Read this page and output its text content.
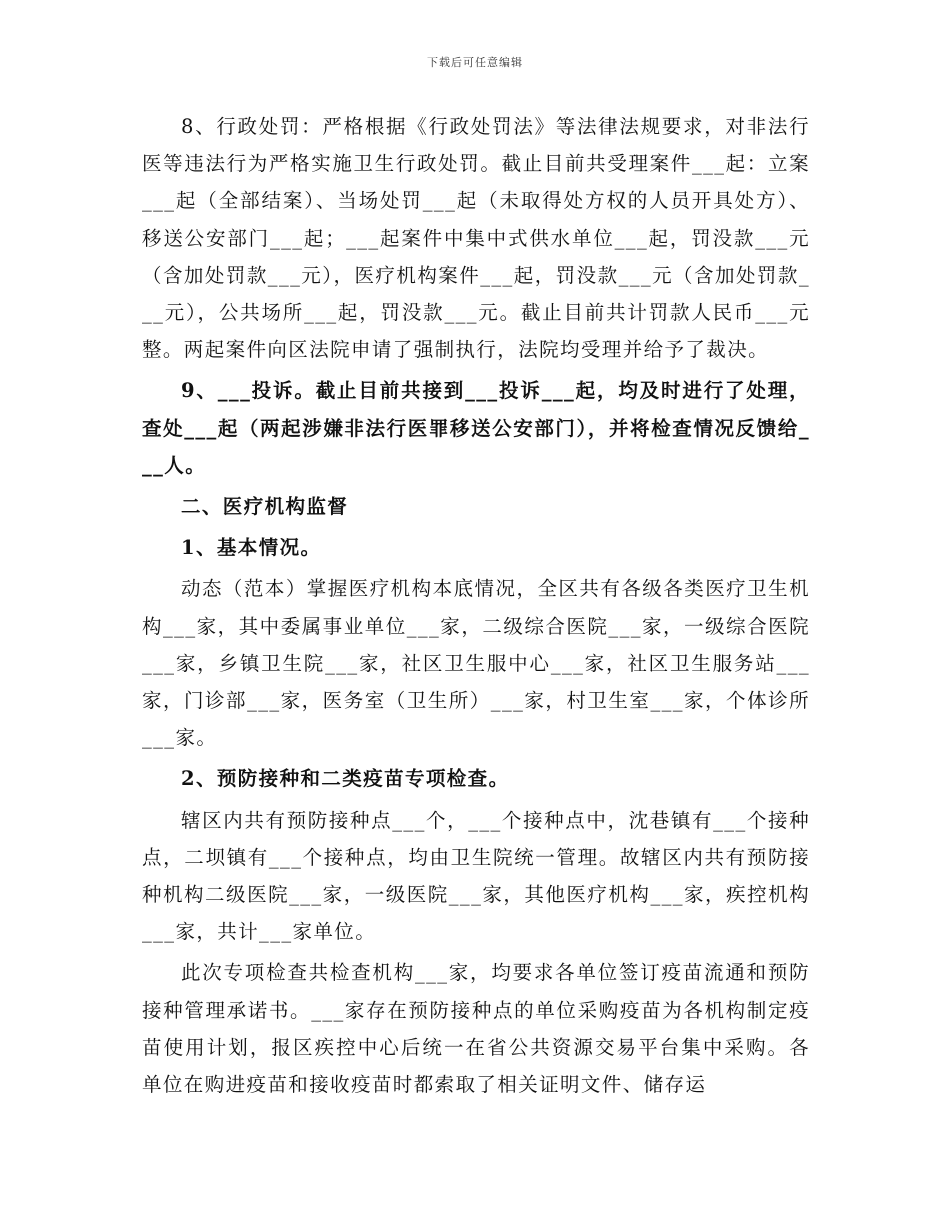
下载后可任意编辑

8、行政处罚：严格根据《行政处罚法》等法律法规要求，对非法行医等违法行为严格实施卫生行政处罚。截止目前共受理案件___起：立案___起（全部结案）、当场处罚___起（未取得处方权的人员开具处方）、移送公安部门___起；___起案件中集中式供水单位___起，罚没款___元（含加处罚款___元），医疗机构案件___起，罚没款___元（含加处罚款___元），公共场所___起，罚没款___元。截止目前共计罚款人民币___元整。两起案件向区法院申请了强制执行，法院均受理并给予了裁决。

9、___投诉。截止目前共接到___投诉___起，均及时进行了处理，查处___起（两起涉嫌非法行医罪移送公安部门），并将检查情况反馈给___人。

二、医疗机构监督

1、基本情况。

动态（范本）掌握医疗机构本底情况，全区共有各级各类医疗卫生机构___家，其中委属事业单位___家，二级综合医院___家，一级综合医院___家，乡镇卫生院___家，社区卫生服中心___家，社区卫生服务站___家，门诊部___家，医务室（卫生所）___家，村卫生室___家，个体诊所___家。

2、预防接种和二类疫苗专项检查。

辖区内共有预防接种点___个，___个接种点中，沈巷镇有___个接种点，二坝镇有___个接种点，均由卫生院统一管理。故辖区内共有预防接种机构二级医院___家，一级医院___家，其他医疗机构___家，疾控机构___家，共计___家单位。

此次专项检查共检查机构___家，均要求各单位签订疫苗流通和预防接种管理承诺书。___家存在预防接种点的单位采购疫苗为各机构制定疫苗使用计划，报区疾控中心后统一在省公共资源交易平台集中采购。各单位在购进疫苗和接收疫苗时都索取了相关证明文件、储存运
